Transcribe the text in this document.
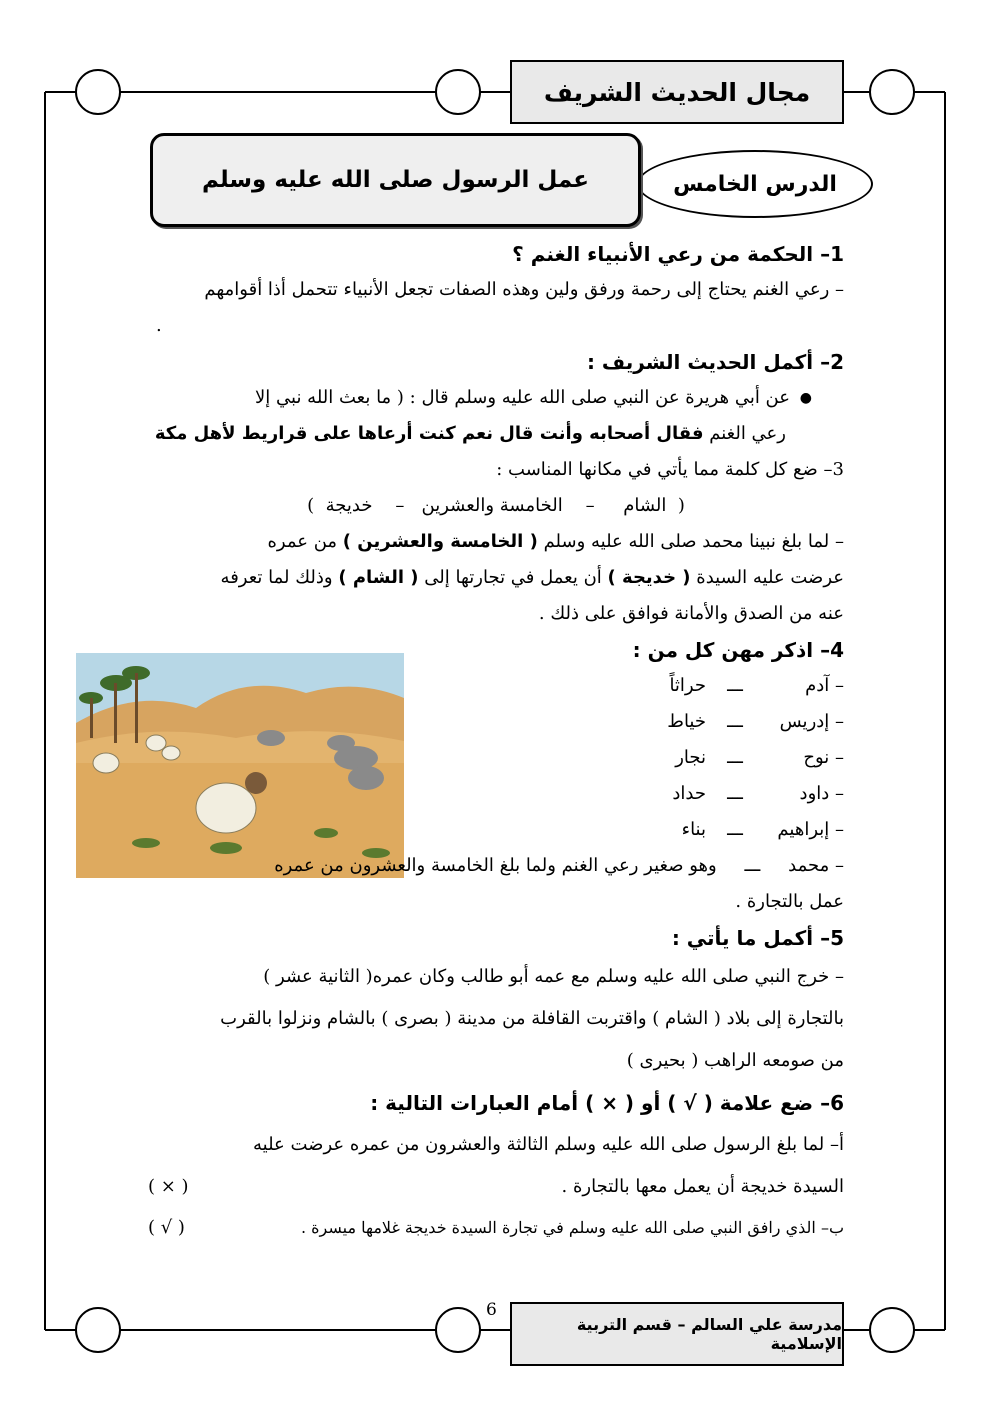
مجال الحديث الشريف
الدرس الخامس
عمل الرسول صلى الله عليه وسلم
1– الحكمة من رعي الأنبياء الغنم ؟
– رعي الغنم يحتاج إلى رحمة ورفق ولين وهذه الصفات تجعل الأنبياء تتحمل أذا أقوامهم
.
2– أكمل الحديث الشريف :
● عن أبي هريرة عن النبي صلى الله عليه وسلم قال : ( ما بعث الله نبي إلا
رعي الغنم فقال أصحابه وأنت قال نعم كنت أرعاها على قراريط لأهل مكة
3– ضع كل كلمة مما يأتي في مكانها المناسب :
(  الشام     –    الخامسة والعشرين   –    خديجة  )
– لما بلغ نبينا محمد صلى الله عليه وسلم ( الخامسة والعشرين ) من عمره
عرضت عليه السيدة ( خديجة ) أن يعمل في تجارتها إلى ( الشام ) وذلك لما تعرفه
عنه من الصدق والأمانة فوافق على ذلك .
4– اذكر مهن كل من :
– آدم
ـــ
حراثاً
– إدريس
ـــ
خياط
– نوح
ـــ
نجار
– داود
ـــ
حداد
– إبراهيم
ـــ
بناء
– محمد ـــ وهو صغير رعي الغنم ولما بلغ الخامسة والعشرون من عمره
عمل بالتجارة .
5– أكمل ما يأتي :
– خرج النبي صلى الله عليه وسلم مع عمه أبو طالب وكان عمره( الثانية عشر )
بالتجارة إلى بلاد ( الشام ) واقتربت القافلة من مدينة ( بصرى ) بالشام ونزلوا بالقرب
من صومعه الراهب ( بحيرى )
6– ضع علامة ( √ ) أو ( × ) أمام العبارات التالية :
أ– لما بلغ الرسول صلى الله عليه وسلم الثالثة والعشرون من عمره عرضت عليه
السيدة خديجة أن يعمل معها بالتجارة .
( × )
ب– الذي رافق النبي صلى الله عليه وسلم في تجارة السيدة خديجة غلامها ميسرة .
( √ )
6
مدرسة علي السالم – قسم التربية الإسلامية
